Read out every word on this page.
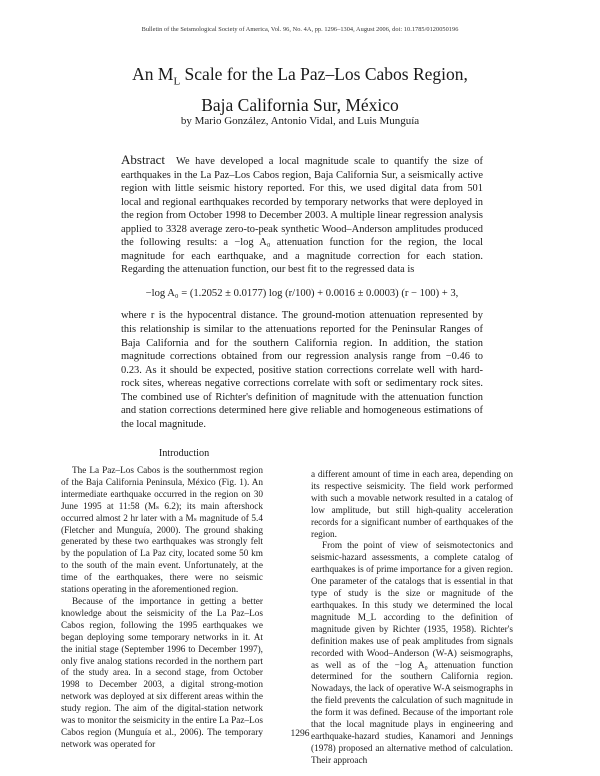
Bulletin of the Seismological Society of America, Vol. 96, No. 4A, pp. 1296–1304, August 2006, doi: 10.1785/0120050196
An $M_L$ Scale for the La Paz–Los Cabos Region,
Baja California Sur, México
by Mario González, Antonio Vidal, and Luis Munguía
Abstract We have developed a local magnitude scale to quantify the size of earthquakes in the La Paz–Los Cabos region, Baja California Sur, a seismically active region with little seismic history reported. For this, we used digital data from 501 local and regional earthquakes recorded by temporary networks that were deployed in the region from October 1998 to December 2003. A multiple linear regression analysis applied to 3328 average zero-to-peak synthetic Wood–Anderson amplitudes produced the following results: a −log A₀ attenuation function for the region, the local magnitude for each earthquake, and a magnitude correction for each station. Regarding the attenuation function, our best fit to the regressed data is
−log A₀ = (1.2052 ± 0.0177) log (r/100) + 0.0016 ± 0.0003) (r − 100) + 3,
where r is the hypocentral distance. The ground-motion attenuation represented by this relationship is similar to the attenuations reported for the Peninsular Ranges of Baja California and for the southern California region. In addition, the station magnitude corrections obtained from our regression analysis range from −0.46 to 0.23. As it should be expected, positive station corrections correlate well with hard-rock sites, whereas negative corrections correlate with soft or sedimentary rock sites. The combined use of Richter's definition of magnitude with the attenuation function and station corrections determined here give reliable and homogeneous estimations of the local magnitude.
Introduction

The La Paz–Los Cabos is the southernmost region of the Baja California Peninsula, México (Fig. 1). An intermediate earthquake occurred in the region on 30 June 1995 at 11:58 (Mₛ 6.2); its main aftershock occurred almost 2 hr later with a Mₛ magnitude of 5.4 (Fletcher and Munguía, 2000). The ground shaking generated by these two earthquakes was strongly felt by the population of La Paz city, located some 50 km to the south of the main event. Unfortunately, at the time of the earthquakes, there were no seismic stations operating in the aforementioned region.

Because of the importance in getting a better knowledge about the seismicity of the La Paz–Los Cabos region, following the 1995 earthquakes we began deploying some temporary networks in it. At the initial stage (September 1996 to December 1997), only five analog stations recorded in the northern part of the study area. In a second stage, from October 1998 to December 2003, a digital strong-motion network was deployed at six different areas within the study region. The aim of the digital-station network was to monitor the seismicity in the entire La Paz–Los Cabos region (Munguía et al., 2006). The temporary network was operated for

a different amount of time in each area, depending on its respective seismicity. The field work performed with such a movable network resulted in a catalog of low amplitude, but still high-quality acceleration records for a significant number of earthquakes of the region.

From the point of view of seismotectonics and seismic-hazard assessments, a complete catalog of earthquakes is of prime importance for a given region. One parameter of the catalogs that is essential in that type of study is the size or magnitude of the earthquakes. In this study we determined the local magnitude M_L according to the definition of magnitude given by Richter (1935, 1958). Richter's definition makes use of peak amplitudes from signals recorded with Wood–Anderson (W-A) seismographs, as well as of the −log A₀ attenuation function determined for the southern California region. Nowadays, the lack of operative W-A seismographs in the field prevents the calculation of such magnitude in the form it was defined. Because of the important role that the local magnitude plays in engineering and earthquake-hazard studies, Kanamori and Jennings (1978) proposed an alternative method of calculation. Their approach

1296
